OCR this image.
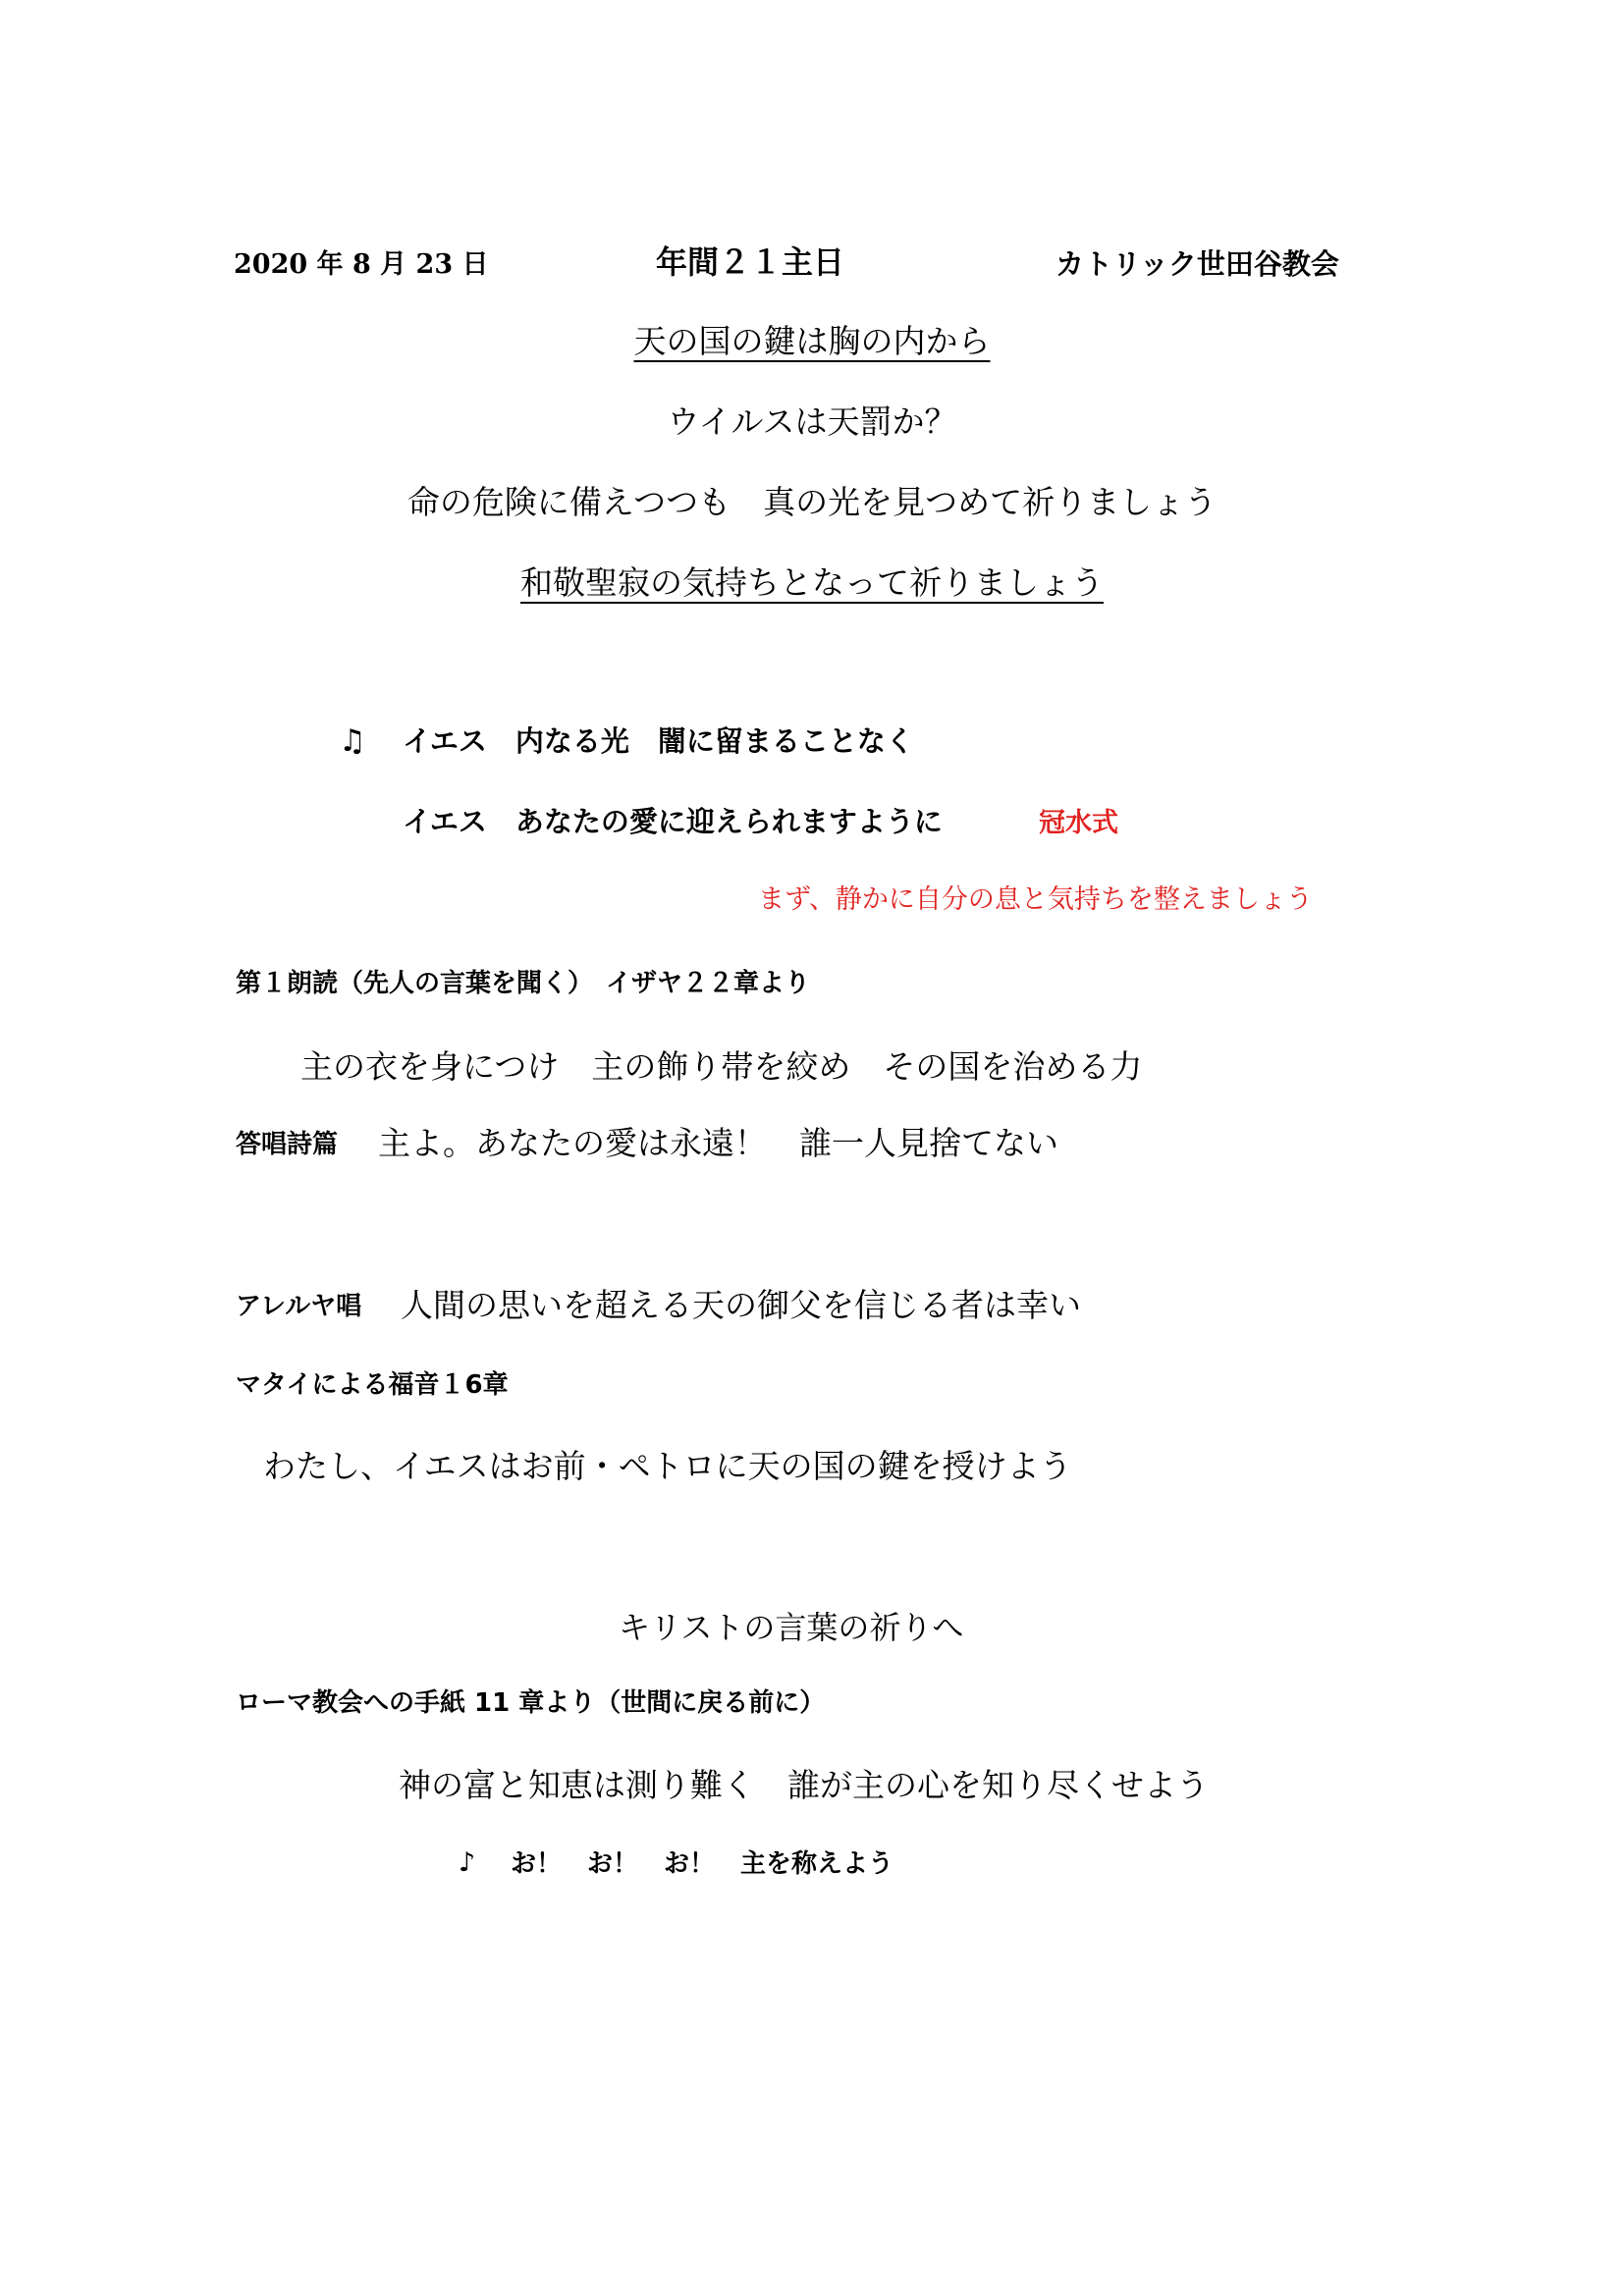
2020 年 8 月 23 日	年間２１主日	カトリック世田谷教会
天の国の鍵は胸の内から
ウイルスは天罰か？
命の危険に備えつつも　真の光を見つめて祈りましょう
和敬聖寂の気持ちとなって祈りましょう
♫ イエス　内なる光　闇に留まることなく
イエス　あなたの愛に迎えられますように	冠水式
まず、静かに自分の息と気持ちを整えましょう
第１朗読（先人の言葉を聞く）　イザヤ２２章より
主の衣を身につけ　主の飾り帯を絞め　その国を治める力
答唱詩篇 主よ。あなたの愛は永遠！　誰一人見捨てない
アレルヤ唱 人間の思いを超える天の御父を信じる者は幸い
マタイによる福音１6章
わたし、イエスはお前・ペトロに天の国の鍵を授けよう
キリストの言葉の祈りへ
ローマ教会への手紙 11 章より（世間に戻る前に）
神の富と知恵は測り難く　誰が主の心を知り尽くせよう
♪ お！　お！　お！　主を称えよう
